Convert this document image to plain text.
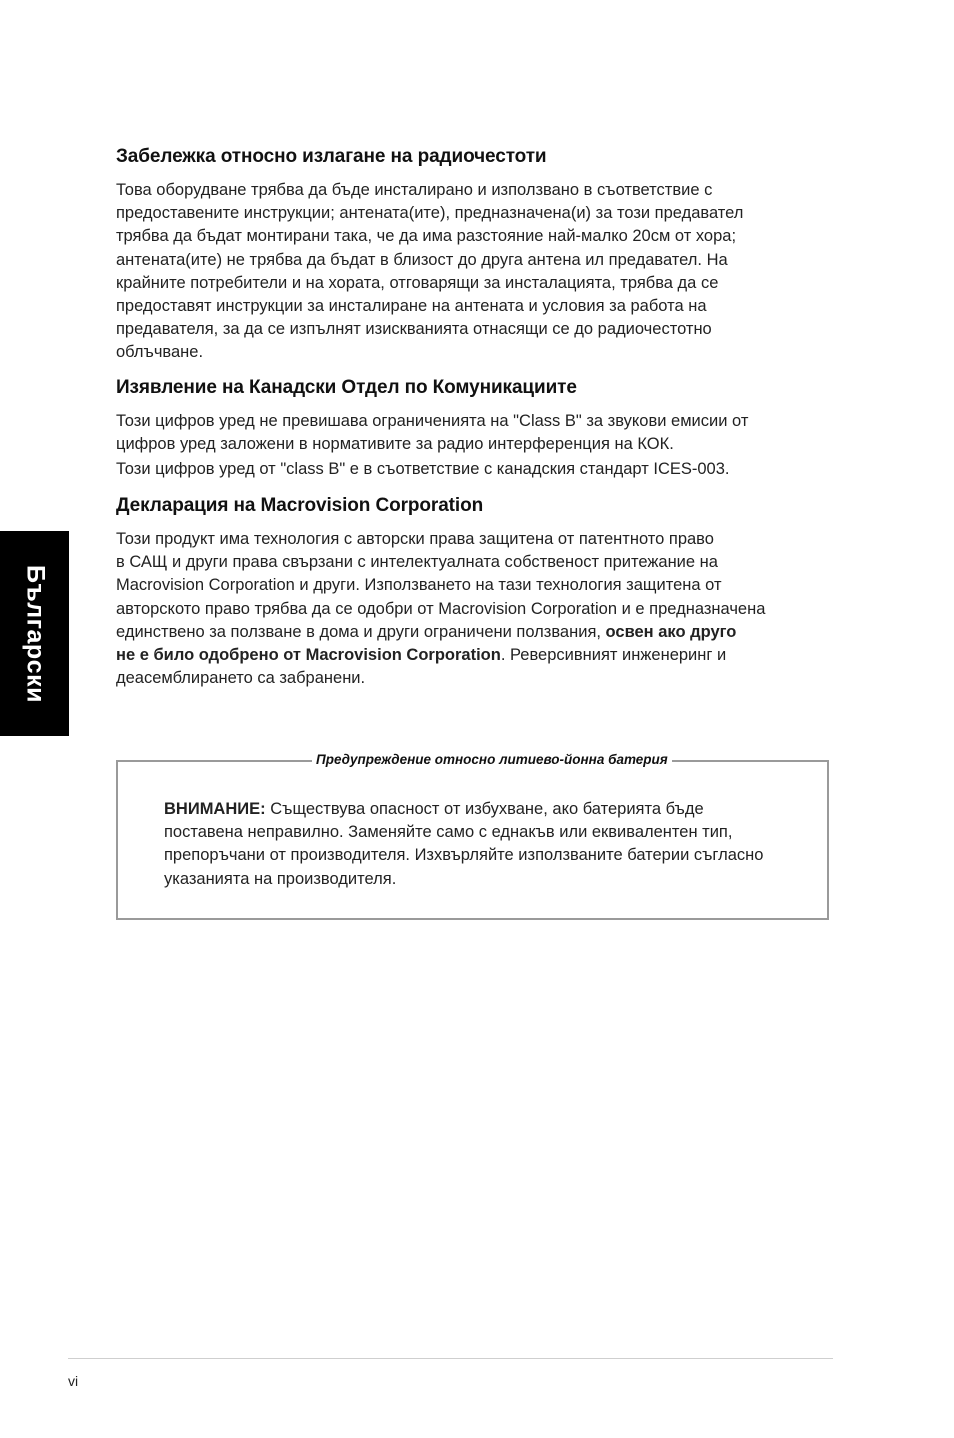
Български
Забележка относно излагане на радиочестоти

Това оборудване трябва да бъде инсталирано и използвано в съответствие с

предоставените инструкции; антената(ите), предназначена(и) за този предавател

трябва да бъдат монтирани така, че да има разстояние най-малко 20см от хора;

антената(ите) не трябва да бъдат в близост до друга антена ил предавател. На

крайните потребители и на хората, отговарящи за инсталацията, трябва да се

предоставят инструкции за инсталиране на антената и условия за работа на

предавателя, за да се изпълнят изискванията отнасящи се до радиочестотно

облъчване.

Изявление на Канадски Отдел по Комуникациите

Този цифров уред не превишава ограниченията на "Class B" за звукови емисии от

цифров уред заложени в нормативите за радио интерференция на КОК.

Този цифров уред от "class B" е в съответствие с канадския стандарт ICES-003.

Декларация на Macrovision Corporation

Този продукт има технология с авторски права защитена от патентното право

в САЩ и други права свързани с интелектуалната собственост притежание на

Macrovision Corporation и други. Използването на тази технология защитена от

авторското право трябва да се одобри от Macrovision Corporation и е предназначена

единствено за ползване в дома и други ограничени ползвания, освен ако друго

не е било одобрено от Macrovision Corporation. Реверсивният инженеринг и

деасемблирането са забранени.

Предупреждение относно литиево-йонна батерия

ВНИМАНИЕ: Съществува опасност от избухване, ако батерията бъде

поставена неправилно. Заменяйте само с еднакъв или еквивалентен тип,

препоръчани от производителя. Изхвърляйте използваните батерии съгласно

указанията на производителя.

vi
